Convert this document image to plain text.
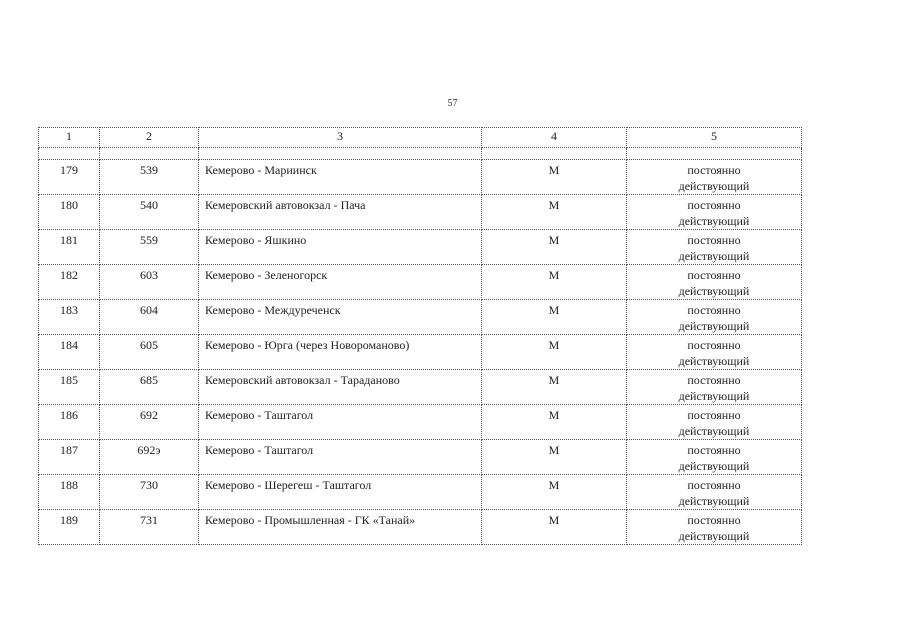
57
1	2	3	4	5

179	539	Кемерово - Мариинск	М	постоянно
действующий

180	540	Кемеровский автовокзал - Пача	М	постоянно
действующий

181	559	Кемерово - Яшкино	М	постоянно
действующий

182	603	Кемерово - Зеленогорск	М	постоянно
действующий

183	604	Кемерово - Междуреченск	М	постоянно
действующий

184	605	Кемерово - Юрга (через Новороманово)	М	постоянно
действующий

185	685	Кемеровский автовокзал - Тараданово	М	постоянно
действующий

186	692	Кемерово - Таштагол	М	постоянно
действующий

187	692э	Кемерово - Таштагол	М	постоянно
действующий

188	730	Кемерово - Шерегеш - Таштагол	М	постоянно
действующий

189	731	Кемерово - Промышленная - ГК «Танай»	М	постоянно
действующий
